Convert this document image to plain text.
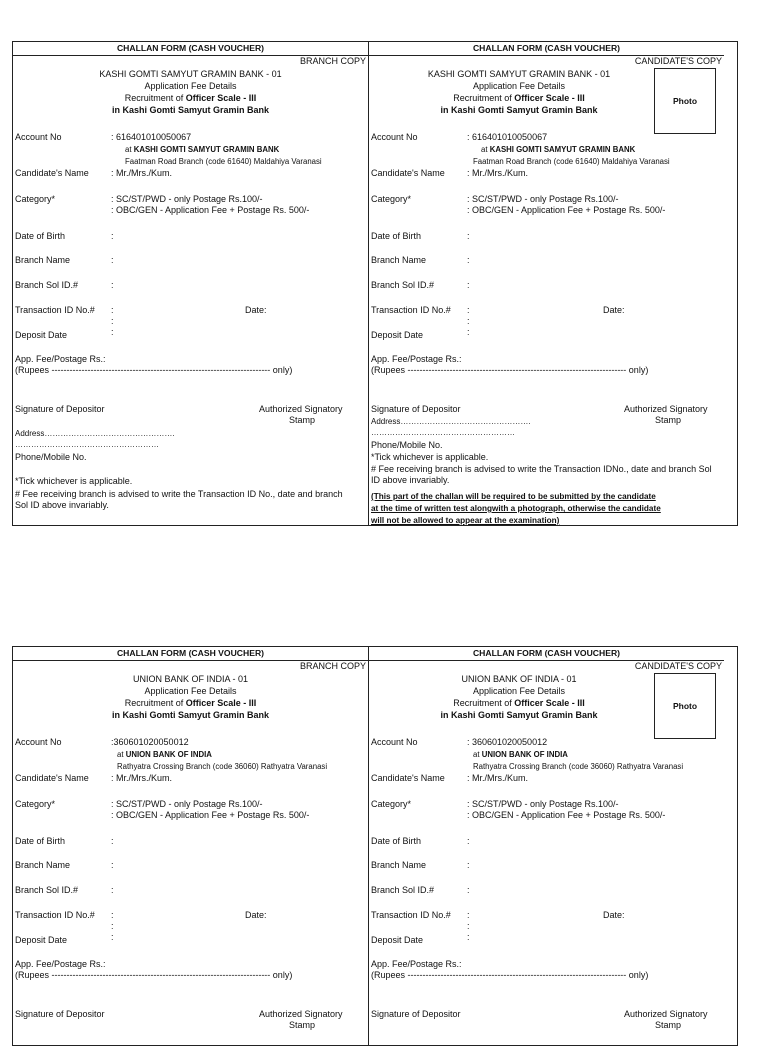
CHALLAN FORM (CASH VOUCHER)
BRANCH COPY
KASHI GOMTI SAMYUT GRAMIN BANK - 01
Application Fee Details
Recruitment of Officer Scale - III
in Kashi Gomti Samyut Gramin Bank
Account No	: 616401010050067
at KASHI GOMTI SAMYUT GRAMIN BANK
Faatman Road Branch (code 61640) Maldahiya Varanasi
Candidate's Name : Mr./Mrs./Kum.
Category*	: SC/ST/PWD - only Postage Rs.100/-
: OBC/GEN - Application Fee + Postage Rs. 500/-
Date of Birth	:
Branch Name	:
Branch Sol ID.#	:
Transaction ID No.# :	Date:
:
Deposit Date	:
App. Fee/Postage Rs.:
(Rupees ------------------------------------------------------------------------- only)
Signature of Depositor	Authorized Signatory
Stamp
Address………………………………………….
………………………………………………
Phone/Mobile No.
*Tick whichever is applicable.
# Fee receiving branch is advised to write the Transaction ID No., date and branch Sol ID above invariably.
CHALLAN FORM (CASH VOUCHER)
CANDIDATE'S COPY
KASHI GOMTI SAMYUT GRAMIN BANK - 01
Application Fee Details
Recruitment of Officer Scale - III
in Kashi Gomti Samyut Gramin Bank
Photo
Account No	: 616401010050067
at KASHI GOMTI SAMYUT GRAMIN BANK
Faatman Road Branch (code 61640) Maldahiya Varanasi
Candidate's Name : Mr./Mrs./Kum.
Category*	: SC/ST/PWD - only Postage Rs.100/-
: OBC/GEN - Application Fee + Postage Rs. 500/-
Date of Birth	:
Branch Name	:
Branch Sol ID.#	:
Transaction ID No.# :	Date:
:
Deposit Date	:
App. Fee/Postage Rs.:
(Rupees ------------------------------------------------------------------------- only)
Signature of Depositor	Authorized Signatory
Stamp
Address………………………………………….
………………………………………………
Phone/Mobile No.
*Tick whichever is applicable.
# Fee receiving branch is advised to write the Transaction IDNo., date and branch Sol ID above invariably.
(This part of the challan will be required to be submitted by the candidate
at the time of written test alongwith a photograph, otherwise the candidate
will not be allowed to appear at the examination)
CHALLAN FORM (CASH VOUCHER)
BRANCH COPY
UNION BANK OF INDIA - 01
Application Fee Details
Recruitment of Officer Scale - III
in Kashi Gomti Samyut Gramin Bank
Account No	:360601020050012
at UNION BANK OF INDIA
Rathyatra Crossing Branch (code 36060) Rathyatra Varanasi
Candidate's Name : Mr./Mrs./Kum.
Category*	: SC/ST/PWD - only Postage Rs.100/-
: OBC/GEN - Application Fee + Postage Rs. 500/-
Date of Birth	:
Branch Name	:
Branch Sol ID.#	:
Transaction ID No.# :	Date:
:
Deposit Date	:
App. Fee/Postage Rs.:
(Rupees ------------------------------------------------------------------------- only)
Signature of Depositor	Authorized Signatory
Stamp
CHALLAN FORM (CASH VOUCHER)
CANDIDATE'S COPY
UNION BANK OF INDIA - 01
Application Fee Details
Recruitment of Officer Scale - III
in Kashi Gomti Samyut Gramin Bank
Photo
Account No	: 360601020050012
at UNION BANK OF INDIA
Rathyatra Crossing Branch (code 36060) Rathyatra Varanasi
Candidate's Name : Mr./Mrs./Kum.
Category*	: SC/ST/PWD - only Postage Rs.100/-
: OBC/GEN - Application Fee + Postage Rs. 500/-
Date of Birth	:
Branch Name	:
Branch Sol ID.#	:
Transaction ID No.# :	Date:
:
Deposit Date	:
App. Fee/Postage Rs.:
(Rupees ------------------------------------------------------------------------- only)
Signature of Depositor	Authorized Signatory
Stamp
